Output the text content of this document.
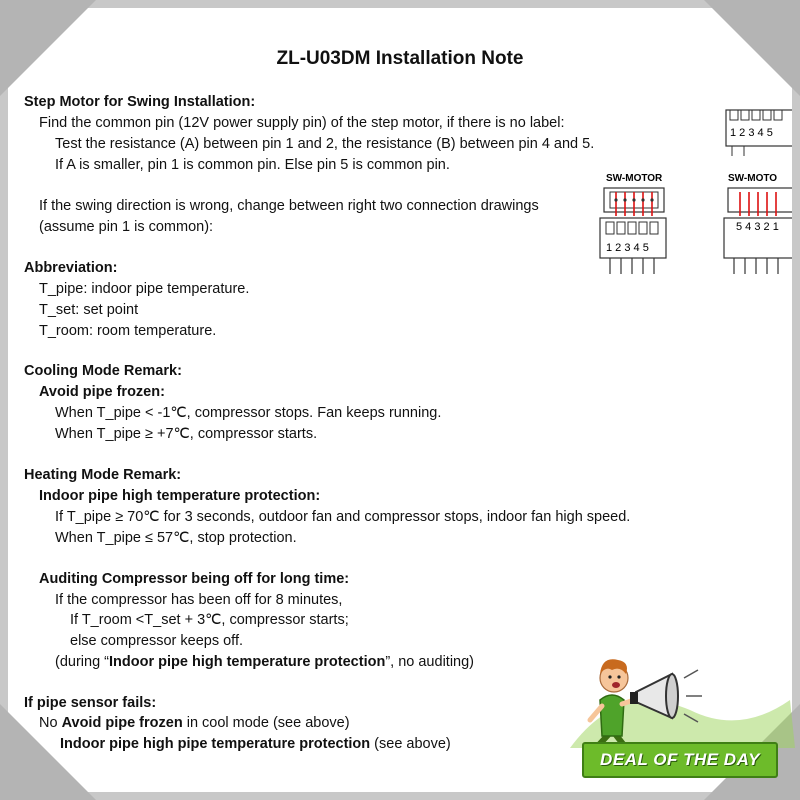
ZL-U03DM Installation Note
Step Motor for Swing Installation:
Find the common pin (12V power supply pin) of the step motor, if there is no label:
Test the resistance (A) between pin 1 and 2, the resistance (B) between pin 4 and 5.
If A is smaller, pin 1 is common pin. Else pin 5 is common pin.
If the swing direction is wrong, change between right two connection drawings
(assume pin 1 is common):
1 2 3 4 5
SW-MOTOR
1 2 3 4 5
SW-MOTO
5 4 3 2 1
Abbreviation:
T_pipe: indoor pipe temperature.
T_set: set point
T_room: room temperature.
Cooling Mode Remark:
Avoid pipe frozen:
When T_pipe < -1℃, compressor stops. Fan keeps running.
When T_pipe ≥ +7℃, compressor starts.
Heating Mode Remark:
Indoor pipe high temperature protection:
If T_pipe ≥ 70℃ for 3 seconds, outdoor fan and compressor stops, indoor fan high speed.
When T_pipe ≤ 57℃, stop protection.
Auditing Compressor being off for long time:
If the compressor has been off for 8 minutes,
If T_room <T_set + 3℃, compressor starts;
else compressor keeps off.
(during “Indoor pipe high temperature protection”, no auditing)
If pipe sensor fails:
No Avoid pipe frozen in cool mode (see above)
Indoor pipe high pipe temperature protection (see above)
DEAL OF THE DAY
